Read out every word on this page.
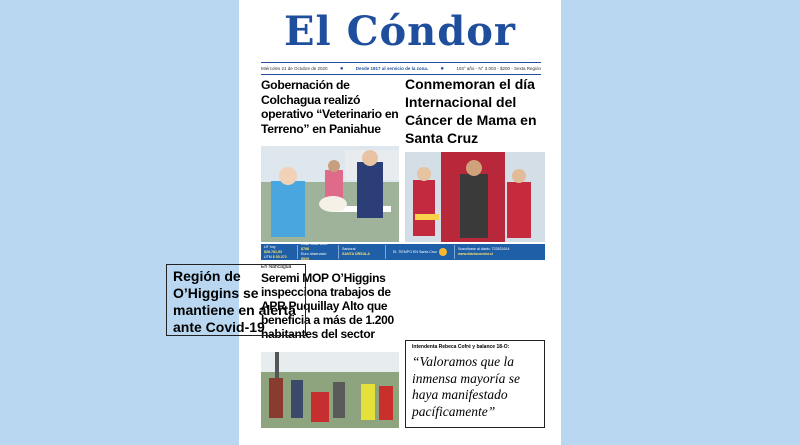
El Cóndor
Miércoles 21 de Octubre de 2020 ●	Desde 1917 al servicio de la zona. ●	103° año - N° 3.003 - $200 - Sexta Región
Gobernación de Colchagua realizó operativo “Veterinario en Terreno” en Paniahue
Conmemoran el día Internacional del Cáncer de Mama en Santa Cruz
UF hoy $28.781,93
UTM $ 50.372
Dólar observado $788
Euro observado $929
Santoral
SANTA ÚRSULA
EL TIEMPO EN Santa Cruz
Suscríbase al diario: 722821614
www.diariocondor.cl
En Nancagua
Seremi MOP O’Higgins inspecciona trabajos de APR Puquillay Alto que beneficia a más de 1.200 habitantes del sector
Región de O’Higgins se mantiene en alerta ante Covid-19
Intendenta Rebeca Cofré y balance 18-O:
“Valoramos que la inmensa mayoría se haya manifestado pacíficamente”
